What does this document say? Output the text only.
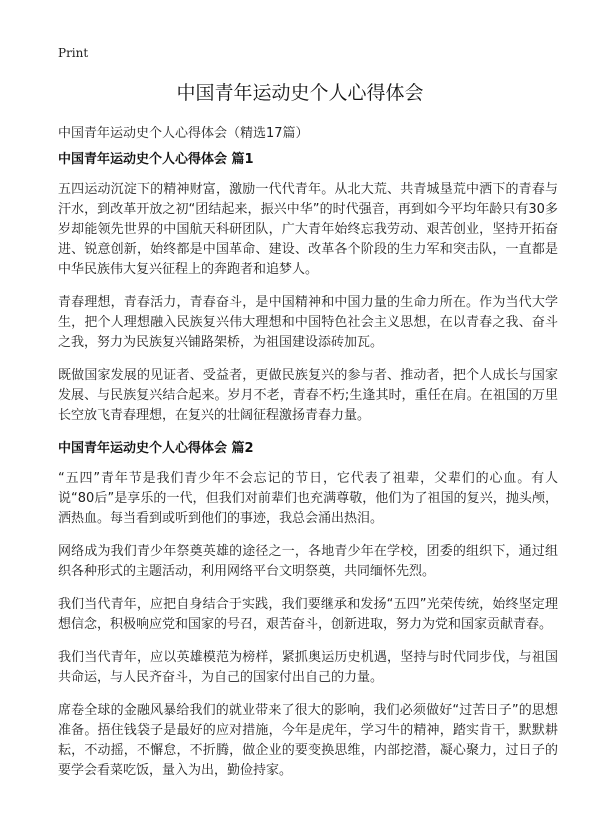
Print
中国青年运动史个人心得体会

中国青年运动史个人心得体会（精选17篇）

中国青年运动史个人心得体会 篇1

五四运动沉淀下的精神财富，激励一代代青年。从北大荒、共青城垦荒中洒下的青春与汗水，到改革开放之初“团结起来，振兴中华”的时代强音，再到如今平均年龄只有30多岁却能领先世界的中国航天科研团队，广大青年始终忘我劳动、艰苦创业，坚持开拓奋进、锐意创新，始终都是中国革命、建设、改革各个阶段的生力军和突击队，一直都是中华民族伟大复兴征程上的奔跑者和追梦人。

青春理想，青春活力，青春奋斗，是中国精神和中国力量的生命力所在。作为当代大学生，把个人理想融入民族复兴伟大理想和中国特色社会主义思想，在以青春之我、奋斗之我，努力为民族复兴铺路架桥，为祖国建设添砖加瓦。

既做国家发展的见证者、受益者，更做民族复兴的参与者、推动者，把个人成长与国家发展、与民族复兴结合起来。岁月不老，青春不朽;生逢其时，重任在肩。在祖国的万里长空放飞青春理想，在复兴的壮阔征程激扬青春力量。

中国青年运动史个人心得体会 篇2

“五四”青年节是我们青少年不会忘记的节日，它代表了祖辈，父辈们的心血。有人说“80后”是享乐的一代，但我们对前辈们也充满尊敬，他们为了祖国的复兴，抛头颅，洒热血。每当看到或听到他们的事迹，我总会涌出热泪。

网络成为我们青少年祭奠英雄的途径之一，各地青少年在学校，团委的组织下，通过组织各种形式的主题活动，利用网络平台文明祭奠，共同缅怀先烈。

我们当代青年，应把自身结合于实践，我们要继承和发扬“五四”光荣传统，始终坚定理想信念，积极响应党和国家的号召，艰苦奋斗，创新进取，努力为党和国家贡献青春。

我们当代青年，应以英雄模范为榜样，紧抓奥运历史机遇，坚持与时代同步伐，与祖国共命运，与人民齐奋斗，为自己的国家付出自己的力量。

席卷全球的金融风暴给我们的就业带来了很大的影响，我们必须做好“过苦日子”的思想准备。捂住钱袋子是最好的应对措施，今年是虎年，学习牛的精神，踏实肯干，默默耕耘，不动摇，不懈怠，不折腾，做企业的要变换思维，内部挖潜，凝心聚力，过日子的要学会看菜吃饭，量入为出，勤俭持家。
